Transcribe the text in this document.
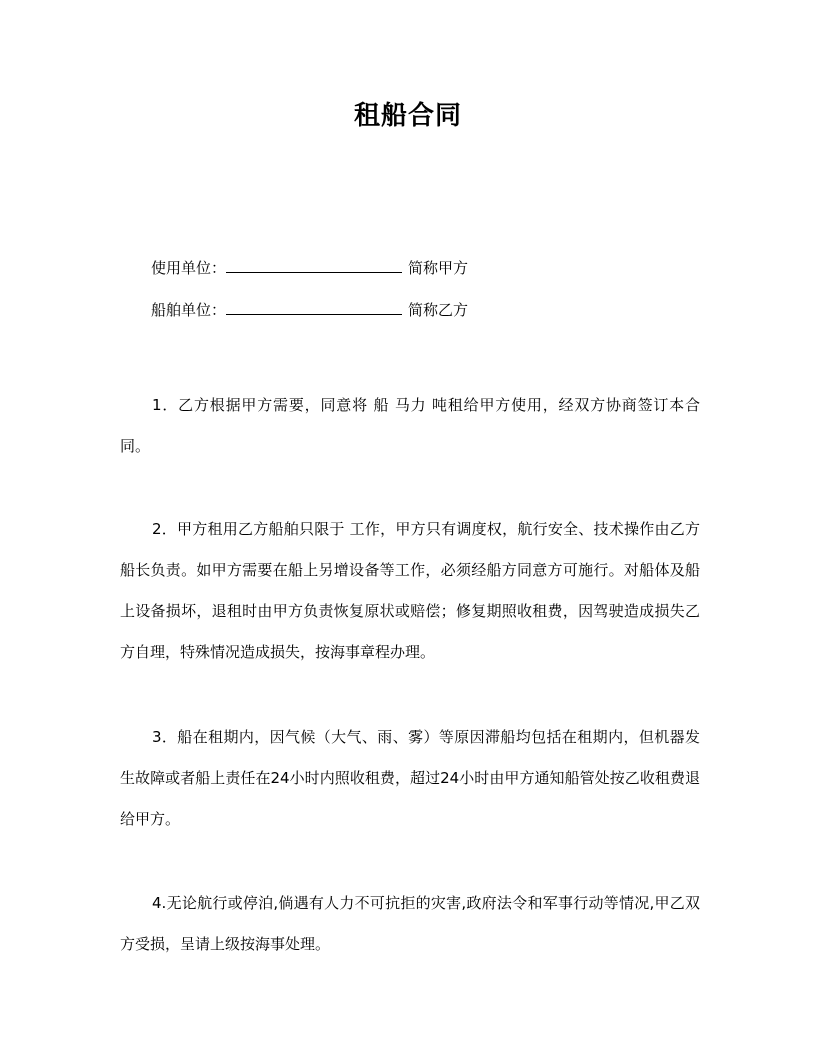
租船合同
使用单位：	简称甲方
船舶单位：	简称乙方

1．乙方根据甲方需要，同意将 船 马力 吨租给甲方使用，经双方协商签订本合同。

2．甲方租用乙方船舶只限于 工作，甲方只有调度权，航行安全、技术操作由乙方船长负责。如甲方需要在船上另增设备等工作，必须经船方同意方可施行。对船体及船上设备损坏，退租时由甲方负责恢复原状或赔偿；修复期照收租费，因驾驶造成损失乙方自理，特殊情况造成损失，按海事章程办理。

3．船在租期内，因气候（大气、雨、雾）等原因滞船均包括在租期内，但机器发生故障或者船上责任在24小时内照收租费，超过24小时由甲方通知船管处按乙收租费退给甲方。

4.无论航行或停泊,倘遇有人力不可抗拒的灾害,政府法令和军事行动等情况,甲乙双方受损，呈请上级按海事处理。
